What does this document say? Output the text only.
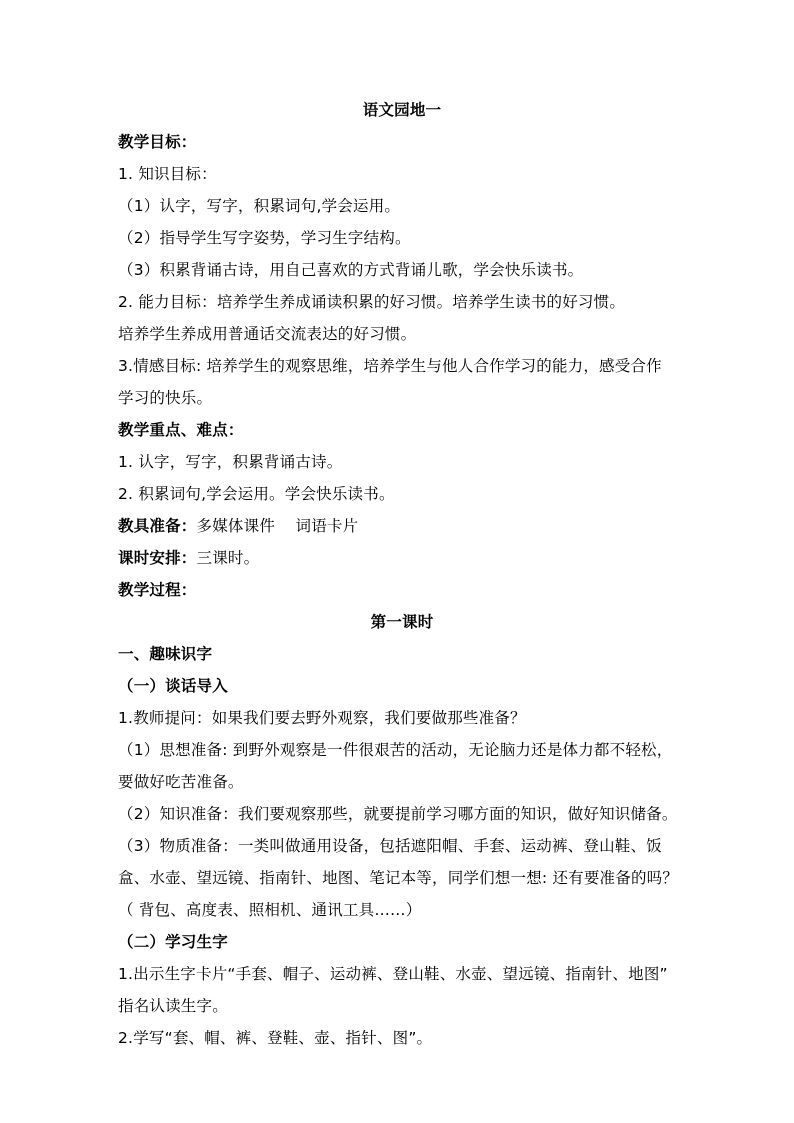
语文园地一
教学目标：
1. 知识目标：
（1）认字，写字，积累词句,学会运用。
（2）指导学生写字姿势，学习生字结构。
（3）积累背诵古诗，用自己喜欢的方式背诵儿歌，学会快乐读书。
2. 能力目标：培养学生养成诵读积累的好习惯。培养学生读书的好习惯。
培养学生养成用普通话交流表达的好习惯。
3.情感目标: 培养学生的观察思维，培养学生与他人合作学习的能力，感受合作
学习的快乐。
教学重点、难点：
1. 认字，写字，积累背诵古诗。
2. 积累词句,学会运用。学会快乐读书。
教具准备：多媒体课件    词语卡片
课时安排：三课时。
教学过程：
第一课时
一、趣味识字
（一）谈话导入
1.教师提问：如果我们要去野外观察，我们要做那些准备？
（1）思想准备: 到野外观察是一件很艰苦的活动，无论脑力还是体力都不轻松，
要做好吃苦准备。
（2）知识准备：我们要观察那些，就要提前学习哪方面的知识，做好知识储备。
（3）物质准备：一类叫做通用设备，包括遮阳帽、手套、运动裤、登山鞋、饭
盒、水壶、望远镜、指南针、地图、笔记本等，同学们想一想: 还有要准备的吗？
（ 背包、高度表、照相机、通讯工具……）
（二）学习生字
1.出示生字卡片“手套、帽子、运动裤、登山鞋、水壶、望远镜、指南针、地图”
指名认读生字。
2.学写“套、帽、裤、登鞋、壶、指针、图”。
